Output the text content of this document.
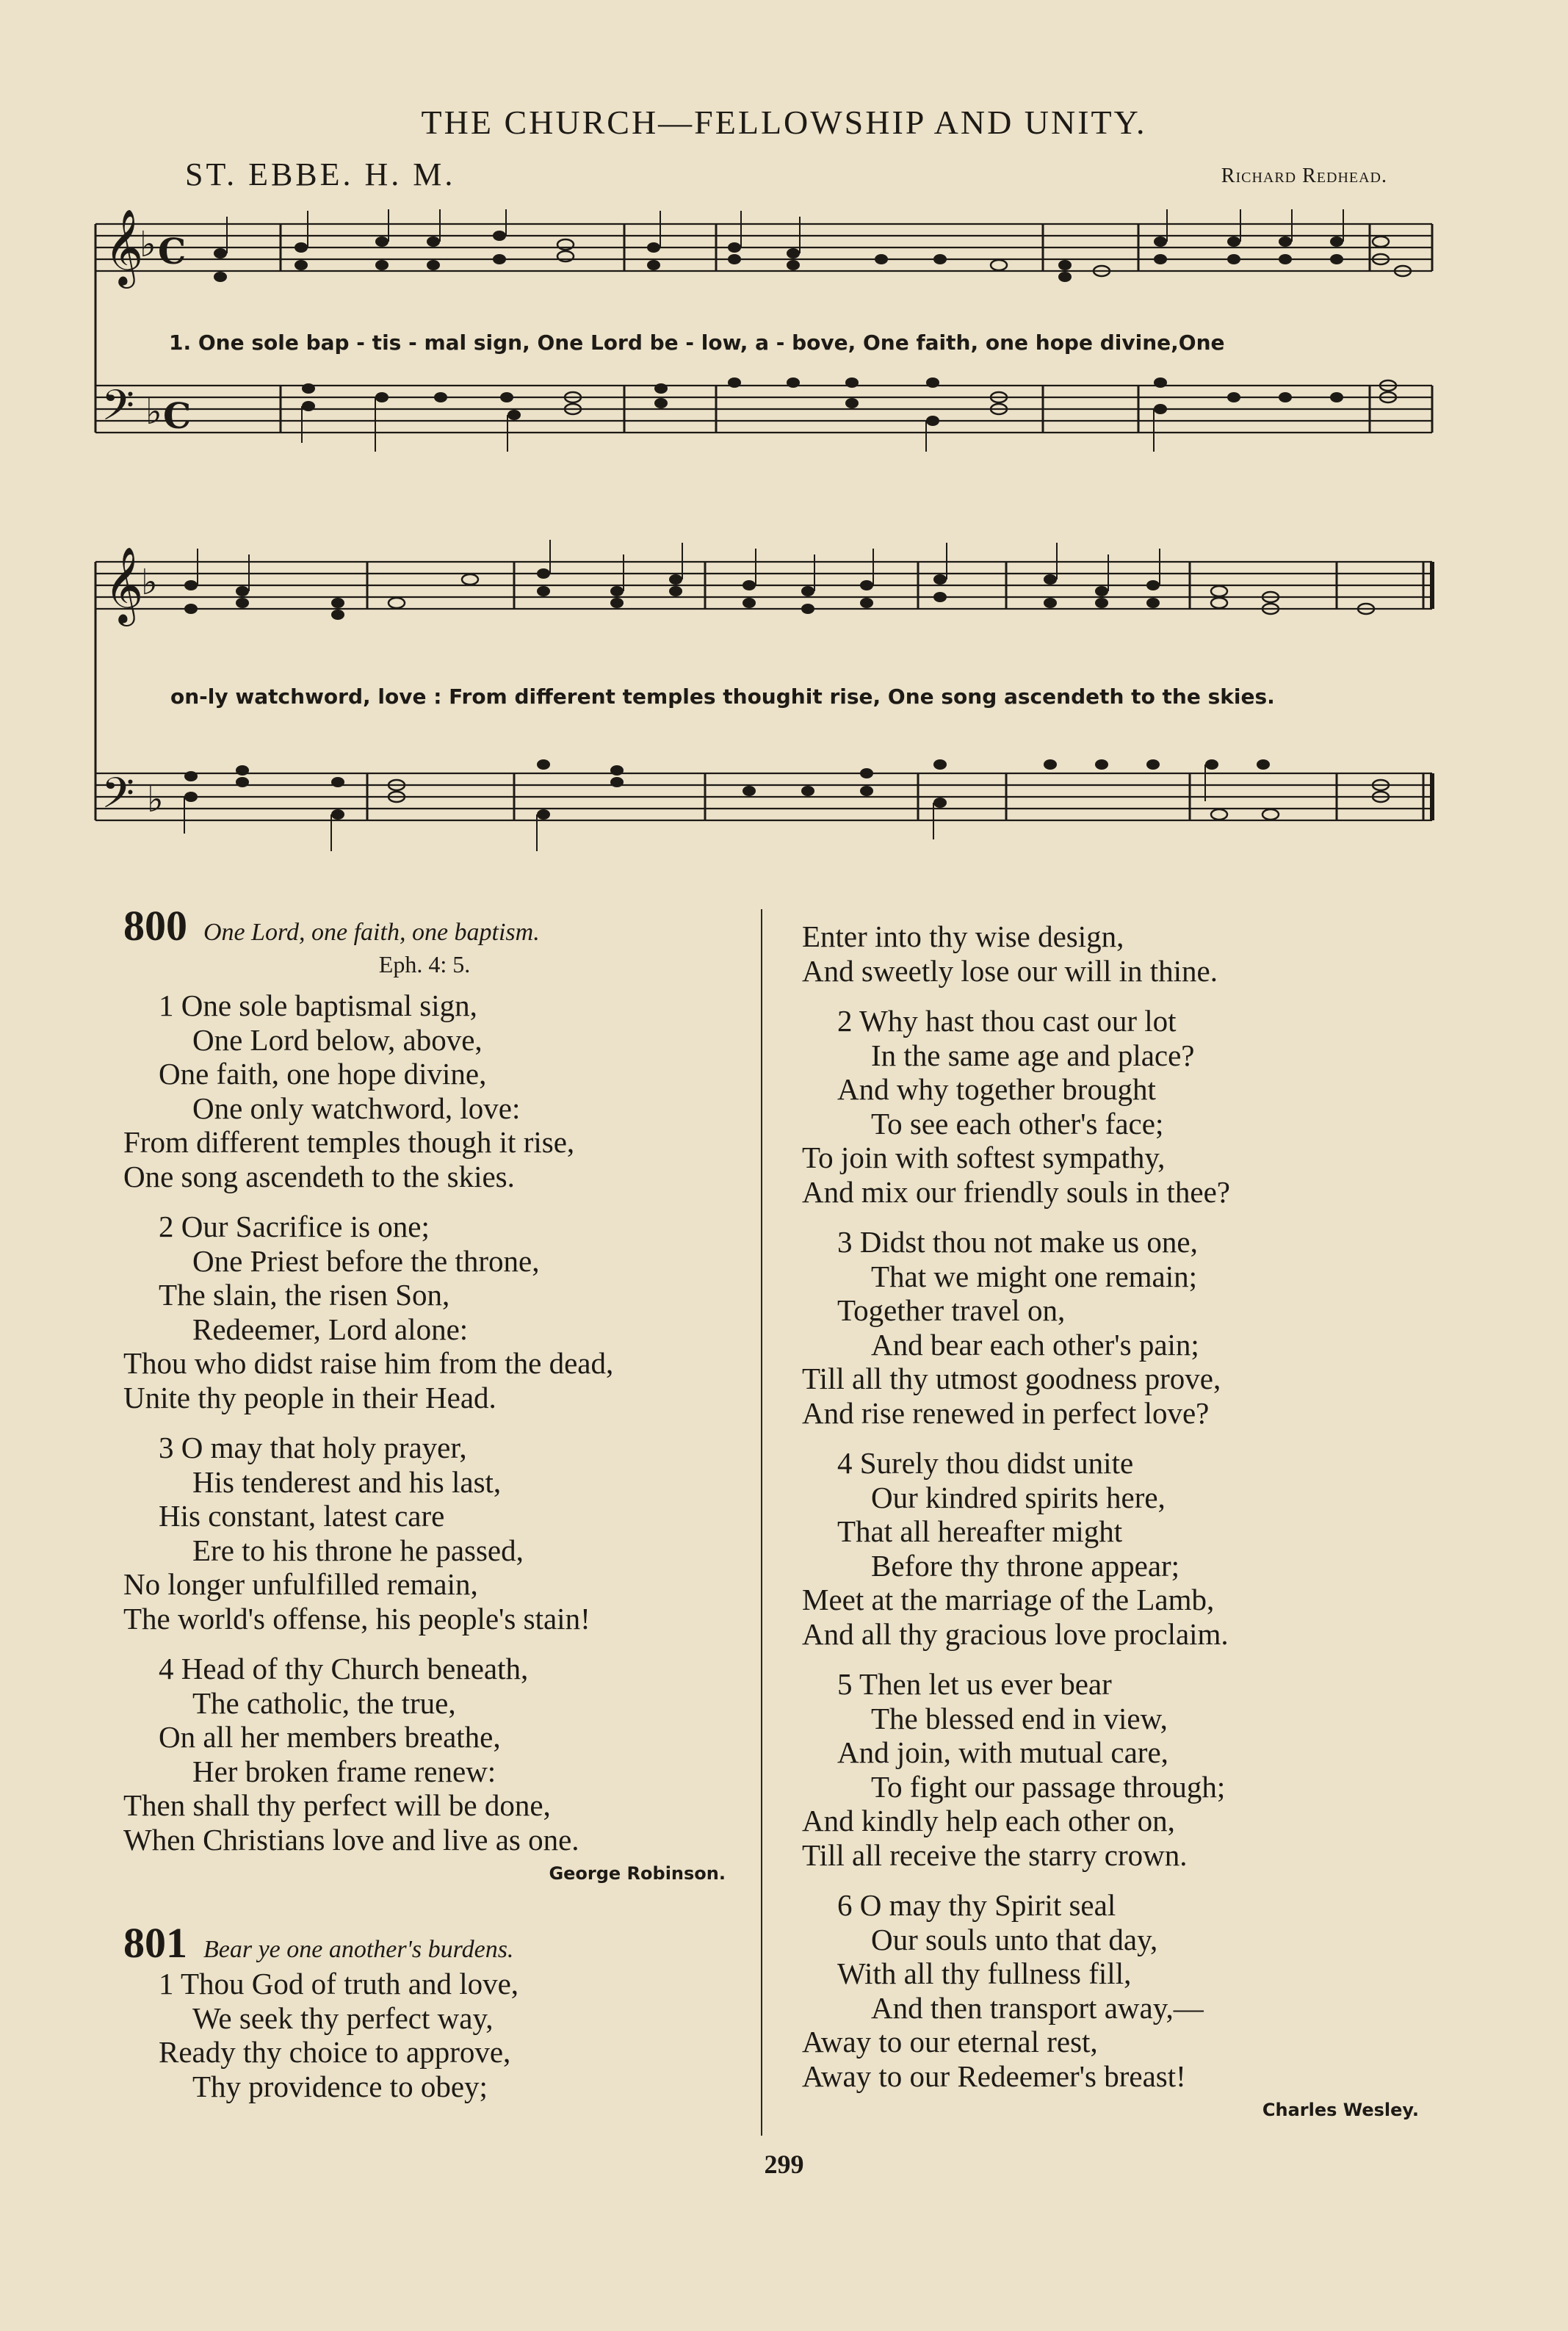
THE CHURCH—FELLOWSHIP AND UNITY.
ST. EBBE. H. M.	Richard Redhead.
𝄞
♭ C
𝄢 ♭ C
1. One sole bap - tis - mal sign, One Lord be - low, a - bove, One faith, one hope divine,One
𝄞
♭
𝄢 ♭
on-ly watchword, love : From different temples thoughit rise, One song ascendeth to the skies.
800 One Lord, one faith, one baptism.
Eph. 4: 5.
1 One sole baptismal sign,
One Lord below, above,
One faith, one hope divine,
One only watchword, love:
From different temples though it rise,
One song ascendeth to the skies.
2 Our Sacrifice is one;
One Priest before the throne,
The slain, the risen Son,
Redeemer, Lord alone:
Thou who didst raise him from the dead,
Unite thy people in their Head.
3 O may that holy prayer,
His tenderest and his last,
His constant, latest care
Ere to his throne he passed,
No longer unfulfilled remain,
The world's offense, his people's stain!
4 Head of thy Church beneath,
The catholic, the true,
On all her members breathe,
Her broken frame renew:
Then shall thy perfect will be done,
When Christians love and live as one.
George Robinson.
801 Bear ye one another's burdens.
1 Thou God of truth and love,
We seek thy perfect way,
Ready thy choice to approve,
Thy providence to obey;
Enter into thy wise design,
And sweetly lose our will in thine.
2 Why hast thou cast our lot
In the same age and place?
And why together brought
To see each other's face;
To join with softest sympathy,
And mix our friendly souls in thee?
3 Didst thou not make us one,
That we might one remain;
Together travel on,
And bear each other's pain;
Till all thy utmost goodness prove,
And rise renewed in perfect love?
4 Surely thou didst unite
Our kindred spirits here,
That all hereafter might
Before thy throne appear;
Meet at the marriage of the Lamb,
And all thy gracious love proclaim.
5 Then let us ever bear
The blessed end in view,
And join, with mutual care,
To fight our passage through;
And kindly help each other on,
Till all receive the starry crown.
6 O may thy Spirit seal
Our souls unto that day,
With all thy fullness fill,
And then transport away,—
Away to our eternal rest,
Away to our Redeemer's breast!
Charles Wesley.
299
